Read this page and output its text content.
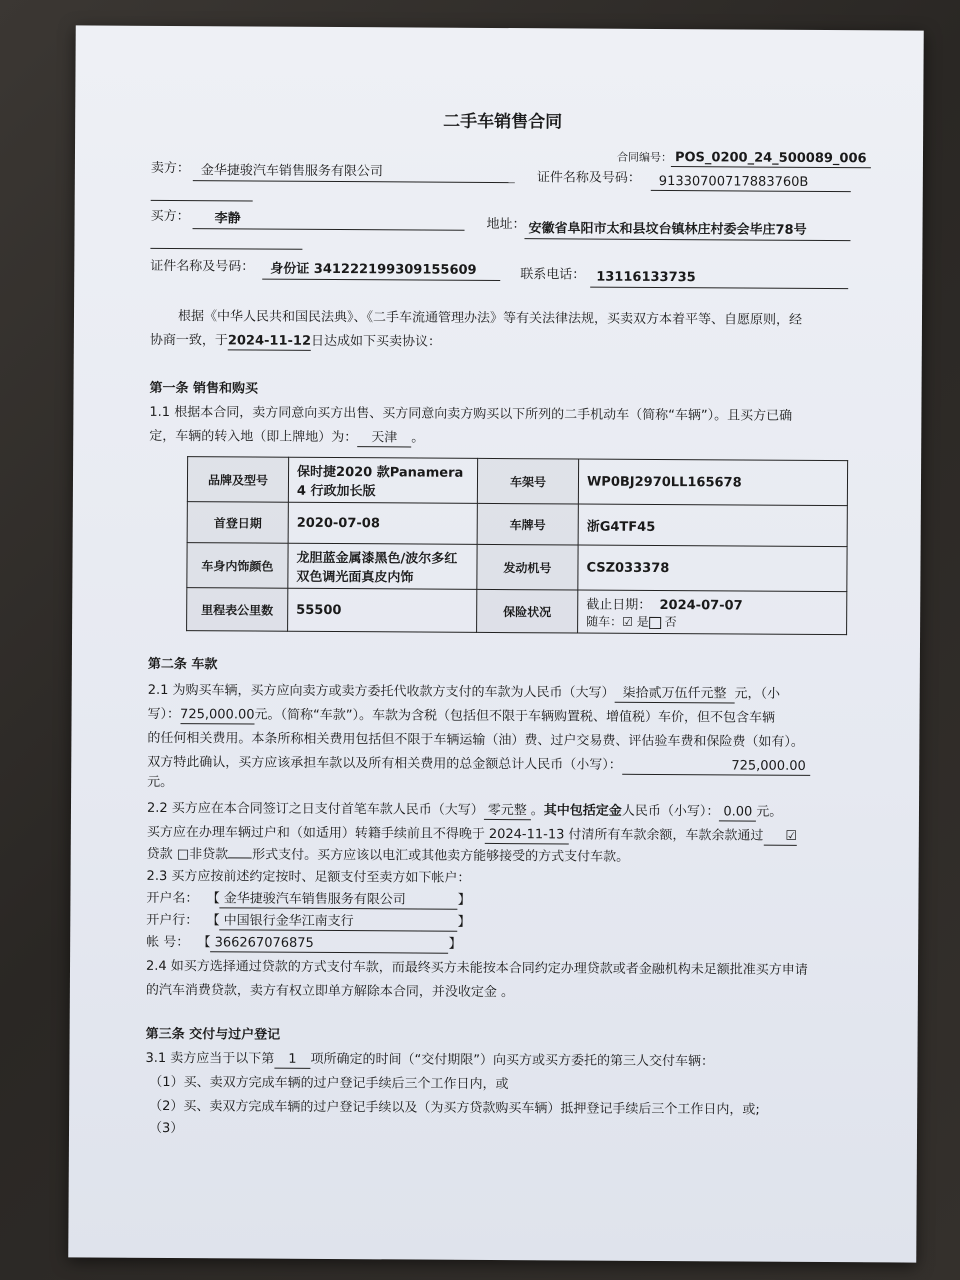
二手车销售合同
合同编号： POS_0200_24_500089_006
卖方： 金华捷骏汽车销售服务有限公司	证件名称及号码： 91330700717883760B
买方： 李静	地址： 安徽省阜阳市太和县坟台镇林庄村委会毕庄78号
证件名称及号码： 身份证 341222199309155609	联系电话： 13116133735
根据《中华人民共和国民法典》、《二手车流通管理办法》等有关法律法规，买卖双方本着平等、自愿原则，经
协商一致，于2024-11-12日达成如下买卖协议：
第一条 销售和购买
1.1 根据本合同，卖方同意向买方出售、买方同意向卖方购买以下所列的二手机动车（简称“车辆”）。且买方已确
定，车辆的转入地（即上牌地）为： 天津 。
品牌及型号	保时捷2020 款Panamera
4 行政加长版	车架号	WP0BJ2970LL165678
首登日期	2020-07-08	车牌号	浙G4TF45
车身内饰颜色	龙胆蓝金属漆黑色/波尔多红
双色调光面真皮内饰	发动机号	CSZ033378
里程表公里数	55500	保险状况	截止日期： 2024-07-07
随车：☑ 是 否
第二条 车款
2.1 为购买车辆，买方应向卖方或卖方委托代收款方支付的车款为人民币（大写） 柒拾贰万伍仟元整 元，（小
写）：725,000.00元。（简称“车款”）。车款为含税（包括但不限于车辆购置税、增值税）车价，但不包含车辆
的任何相关费用。本条所称相关费用包括但不限于车辆运输（油）费、过户交易费、评估验车费和保险费（如有）。
双方特此确认，买方应该承担车款以及所有相关费用的总金额总计人民币（小写）：	725,000.00
元。
2.2 买方应在本合同签订之日支付首笔车款人民币（大写） 零元整 。其中包括定金人民币（小写）： 0.00 元。
买方应在办理车辆过户和（如适用）转籍手续前且不得晚于 2024-11-13 付清所有车款余额，车款余款通过 ☑
贷款 □非贷款 形式支付。买方应该以电汇或其他卖方能够接受的方式支付车款。
2.3 买方应按前述约定按时、足额支付至卖方如下帐户：
开户名： 【 金华捷骏汽车销售服务有限公司	】
开户行： 【 中国银行金华江南支行	】
帐 号： 【 366267076875	】
2.4 如买方选择通过贷款的方式支付车款，而最终买方未能按本合同约定办理贷款或者金融机构未足额批准买方申请
的汽车消费贷款，卖方有权立即单方解除本合同，并没收定金 。
第三条 交付与过户登记
3.1 卖方应当于以下第 1 项所确定的时间（“交付期限”）向买方或买方委托的第三人交付车辆：
（1）买、卖双方完成车辆的过户登记手续后三个工作日内，或
（2）买、卖双方完成车辆的过户登记手续以及（为买方贷款购买车辆）抵押登记手续后三个工作日内，或;
（3）
